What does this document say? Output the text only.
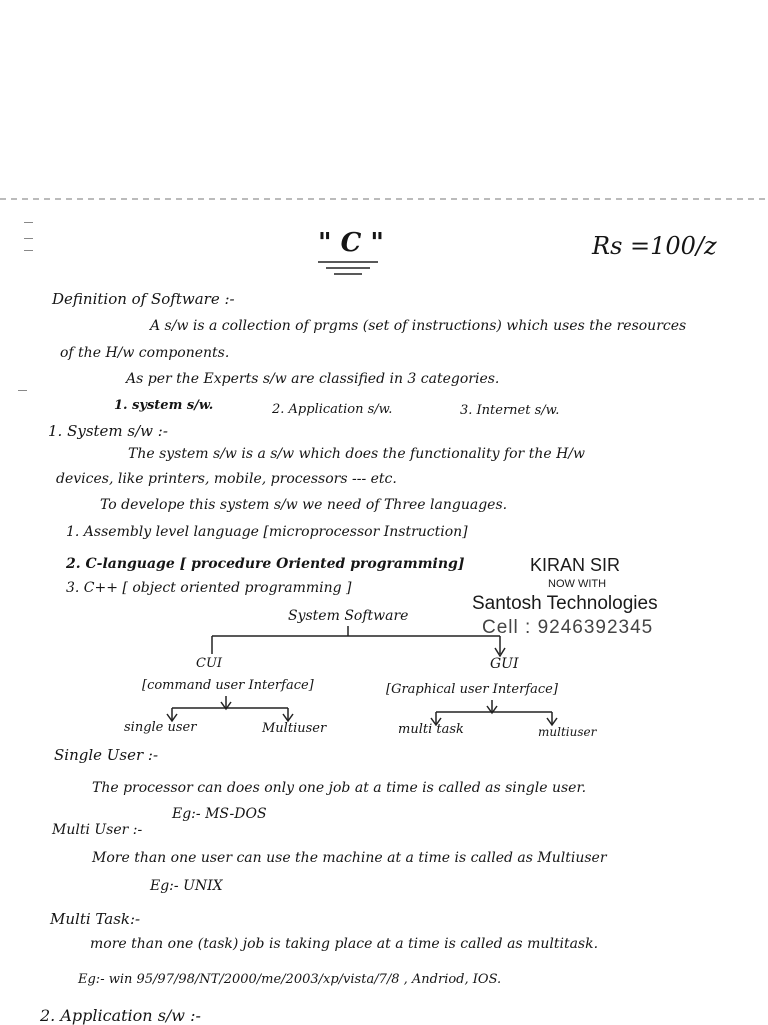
" C "	Rs =100/z
Definition of Software :-
A s/w is a collection of prgms (set of instructions) which uses the resources
of the H/w components.
As per the Experts s/w are classified in 3 categories.
1. system s/w.	2. Application s/w.	3. Internet s/w.
1. System s/w :-
The system s/w is a s/w which does the functionality for the H/w
devices, like printers, mobile, processors --- etc.
To develope this system s/w we need of Three languages.
1. Assembly level language [microprocessor Instruction]
2. C-language [ procedure Oriented programming]
3. C++ [ object oriented programming ]
KIRAN SIR
NOW WITH
Santosh Technologies
Cell : 9246392345
System Software
CUI
[command user Interface]
GUI
[Graphical user Interface]
single user	Multiuser	multi task	multiuser
Single User :-
The processor can does only one job at a time is called as single user.
Eg:- MS-DOS
Multi User :-
More than one user can use the machine at a time is called as Multiuser
Eg:- UNIX
Multi Task:-
more than one (task) job is taking place at a time is called as multitask.
Eg:- win 95/97/98/NT/2000/me/2003/xp/vista/7/8 , Andriod, IOS.
2. Application s/w :-
